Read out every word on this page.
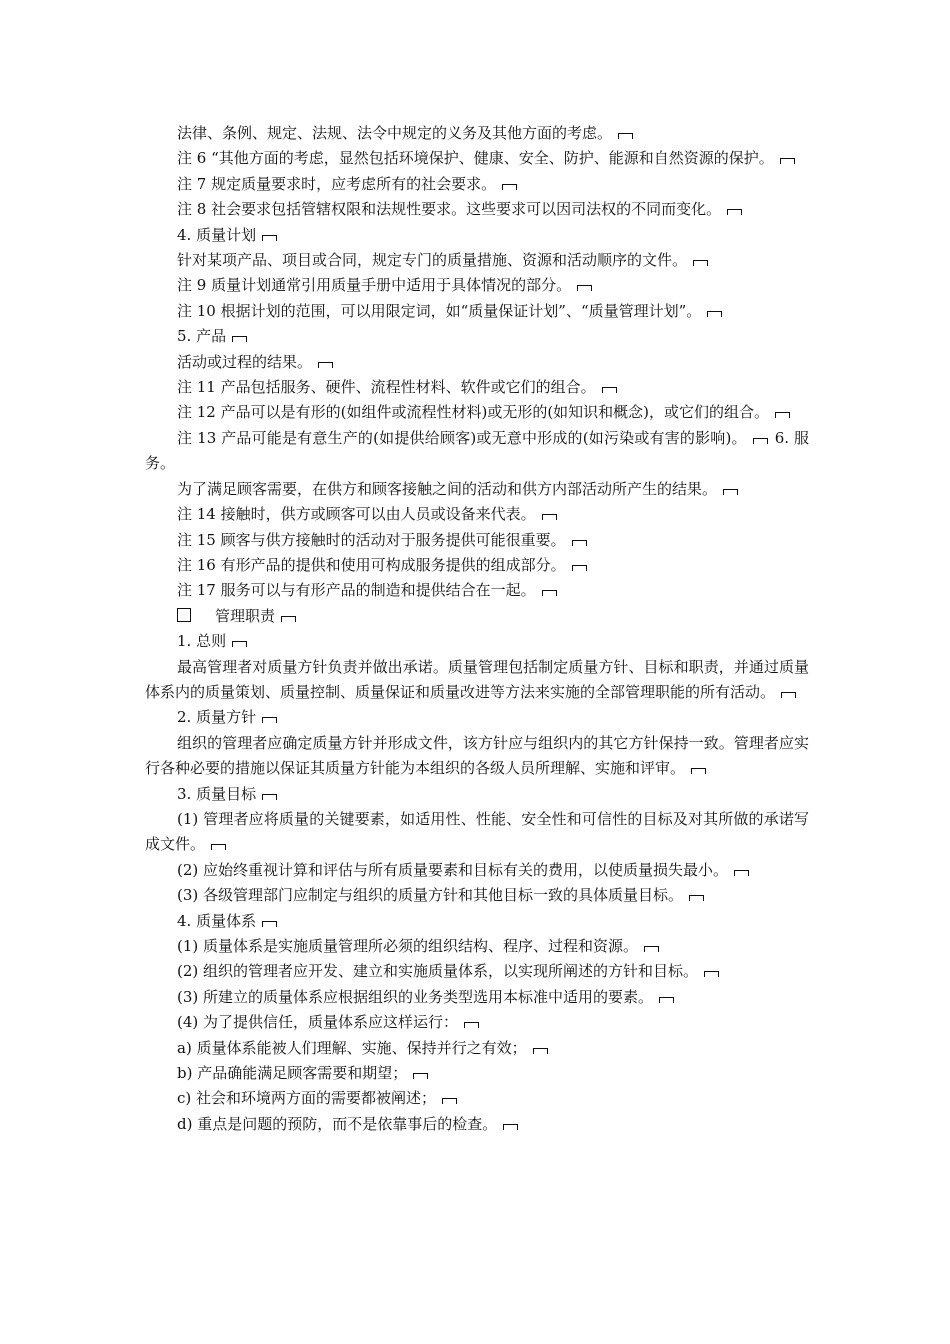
法律、条例、规定、法规、法令中规定的义务及其他方面的考虑。

注 6 “其他方面的考虑，显然包括环境保护、健康、安全、防护、能源和自然资源的保护。

注 7 规定质量要求时，应考虑所有的社会要求。

注 8 社会要求包括管辖权限和法规性要求。这些要求可以因司法权的不同而变化。

4. 质量计划

针对某项产品、项目或合同，规定专门的质量措施、资源和活动顺序的文件。

注 9 质量计划通常引用质量手册中适用于具体情况的部分。

注 10 根据计划的范围，可以用限定词，如“质量保证计划”、“质量管理计划”。

5. 产品

活动或过程的结果。

注 11 产品包括服务、硬件、流程性材料、软件或它们的组合。

注 12 产品可以是有形的(如组件或流程性材料)或无形的(如知识和概念)，或它们的组合。

注 13 产品可能是有意生产的(如提供给顾客)或无意中形成的(如污染或有害的影响)。 6. 服务。

为了满足顾客需要，在供方和顾客接触之间的活动和供方内部活动所产生的结果。

注 14 接触时，供方或顾客可以由人员或设备来代表。

注 15 顾客与供方接触时的活动对于服务提供可能很重要。

注 16 有形产品的提供和使用可构成服务提供的组成部分。

注 17 服务可以与有形产品的制造和提供结合在一起。

管理职责

1. 总则

最高管理者对质量方针负责并做出承诺。质量管理包括制定质量方针、目标和职责，并通过质量体系内的质量策划、质量控制、质量保证和质量改进等方法来实施的全部管理职能的所有活动。

2. 质量方针

组织的管理者应确定质量方针并形成文件，该方针应与组织内的其它方针保持一致。管理者应实行各种必要的措施以保证其质量方针能为本组织的各级人员所理解、实施和评审。

3. 质量目标

(1) 管理者应将质量的关键要素，如适用性、性能、安全性和可信性的目标及对其所做的承诺写成文件。

(2) 应始终重视计算和评估与所有质量要素和目标有关的费用，以使质量损失最小。

(3) 各级管理部门应制定与组织的质量方针和其他目标一致的具体质量目标。

4. 质量体系

(1) 质量体系是实施质量管理所必须的组织结构、程序、过程和资源。

(2) 组织的管理者应开发、建立和实施质量体系，以实现所阐述的方针和目标。

(3) 所建立的质量体系应根据组织的业务类型选用本标准中适用的要素。

(4) 为了提供信任，质量体系应这样运行：

a) 质量体系能被人们理解、实施、保持并行之有效；

b) 产品确能满足顾客需要和期望；

c) 社会和环境两方面的需要都被阐述；

d) 重点是问题的预防，而不是依靠事后的检查。
